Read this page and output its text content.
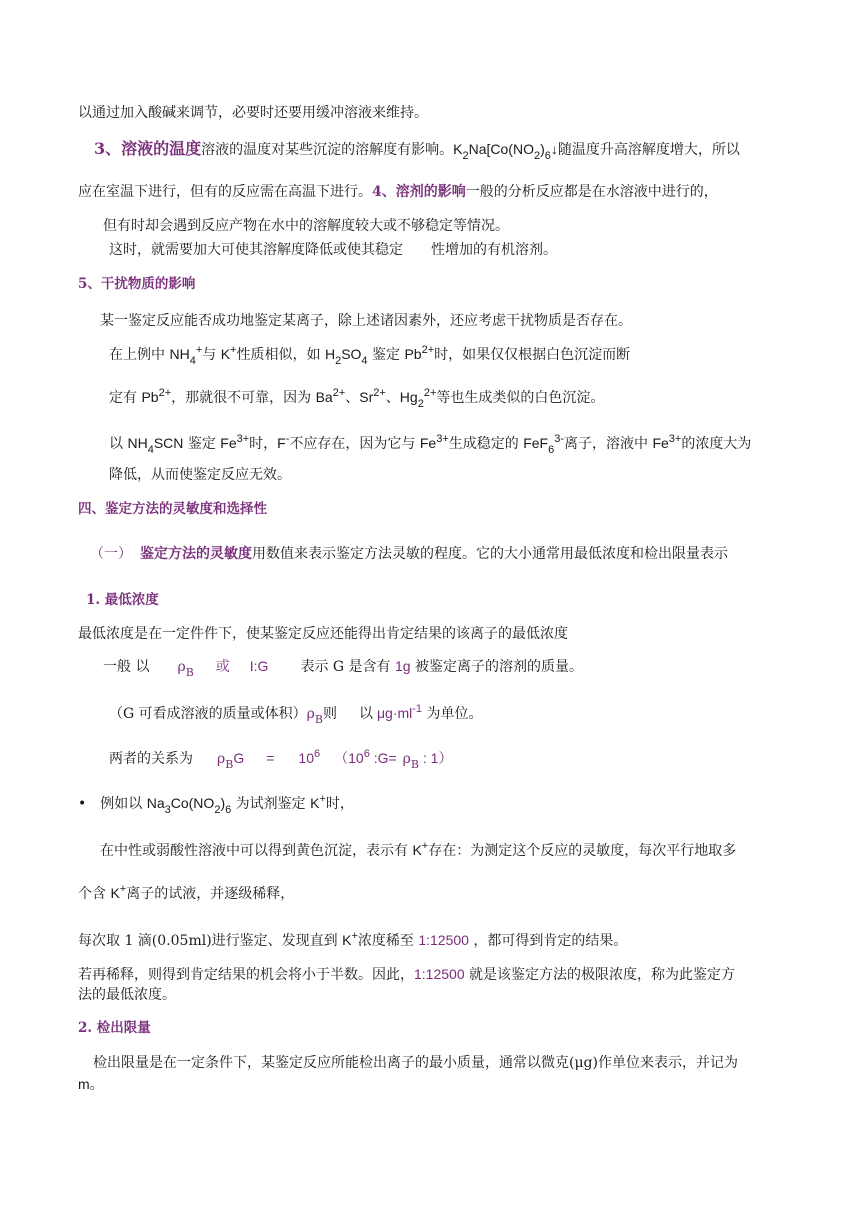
以通过加入酸碱来调节，必要时还要用缓冲溶液来维持。
3、溶液的温度溶液的温度对某些沉淀的溶解度有影响。$K_2Na[Co(NO_2)_6↓$随温度升高溶解度增大，所以
应在室温下进行，但有的反应需在高温下进行。4、溶剂的影响一般的分析反应都是在水溶液中进行的，
但有时却会遇到反应产物在水中的溶解度较大或不够稳定等情况。
这时，就需要加大可使其溶解度降低或使其稳定 性增加的有机溶剂。
5、干扰物质的影响
某一鉴定反应能否成功地鉴定某离子，除上述诸因素外，还应考虑干扰物质是否存在。
在上例中 $NH_4^+$与 K+性质相似，如 $H_2SO_4$ 鉴定 $Pb^{2+}$时，如果仅仅根据白色沉淀而断
定有 $Pb^{2+}$，那就很不可靠，因为 $Ba^{2+}$、$Sr^{2+}$、$Hg_2^{2+}$等也生成类似的白色沉淀。
以 $NH_4SCN$ 鉴定 $Fe^{3+}$时，F-不应存在，因为它与 $Fe^{3+}$生成稳定的 FeF$_6^{3-}$离子，溶液中 $Fe^{3+}$的浓度大为
降低，从而使鉴定反应无效。
四、鉴定方法的灵敏度和选择性
（一） 鉴定方法的灵敏度用数值来表示鉴定方法灵敏的程度。它的大小通常用最低浓度和检出限量表示
1. 最低浓度
最低浓度是在一定件件下，使某鉴定反应还能得出肯定结果的该离子的最低浓度
一般 以 $\rho_B$ 或 I:G 表示 G 是含有 1g 被鉴定离子的溶剂的质量。
（G 可看成溶液的质量或体积）$\rho_B$则 以 $\mu g\cdot ml^{-1}$ 为单位。
两者的关系为 $\rho_BG = 10^6$ （$10^6$ :G= $\rho_B$ : 1）
• 例如以 $Na_3Co(NO_2)_6$ 为试剂鉴定 K+时，
在中性或弱酸性溶液中可以得到黄色沉淀，表示有 K+存在：为测定这个反应的灵敏度，每次平行地取多
个含 K+离子的试液，并逐级稀释，
每次取 1 滴(0.05ml)进行鉴定、发现直到 K+浓度稀至 1:12500 ，都可得到肯定的结果。
若再稀释，则得到肯定结果的机会将小于半数。因此，1:12500 就是该鉴定方法的极限浓度，称为此鉴定方
法的最低浓度。
2. 检出限量
检出限量是在一定条件下，某鉴定反应所能检出离子的最小质量，通常以微克(μg)作单位来表示，并记为
m。
